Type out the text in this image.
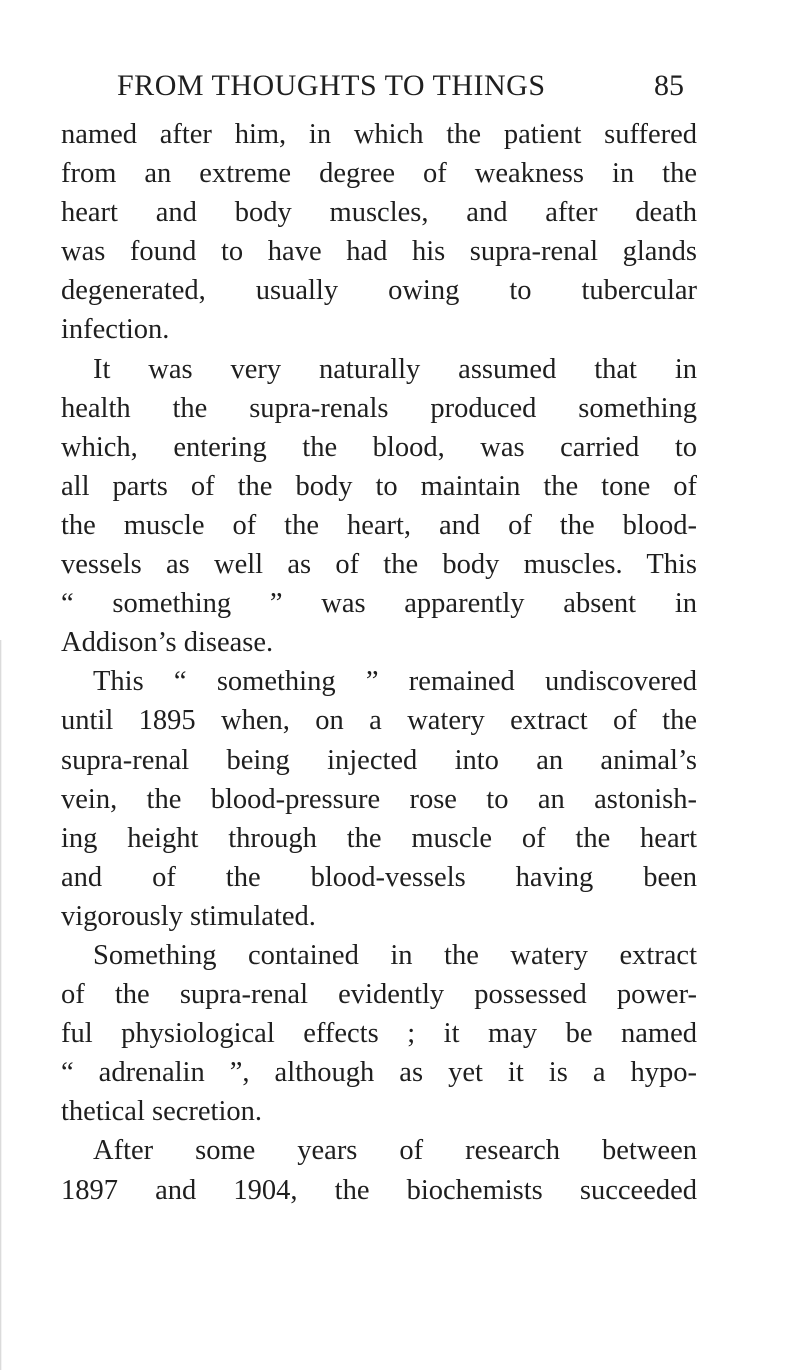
FROM THOUGHTS TO THINGS	85
named after him, in which the patient suffered
from an extreme degree of weakness in the
heart and body muscles, and after death
was found to have had his supra-renal glands
degenerated, usually owing to tubercular
infection.
It was very naturally assumed that in
health the supra-renals produced something
which, entering the blood, was carried to
all parts of the body to maintain the tone of
the muscle of the heart, and of the blood-
vessels as well as of the body muscles. This
“ something ” was apparently absent in
Addison’s disease.
This “ something ” remained undiscovered
until 1895 when, on a watery extract of the
supra-renal being injected into an animal’s
vein, the blood-pressure rose to an astonish-
ing height through the muscle of the heart
and of the blood-vessels having been
vigorously stimulated.
Something contained in the watery extract
of the supra-renal evidently possessed power-
ful physiological effects ; it may be named
“ adrenalin ”, although as yet it is a hypo-
thetical secretion.
After some years of research between
1897 and 1904, the biochemists succeeded
